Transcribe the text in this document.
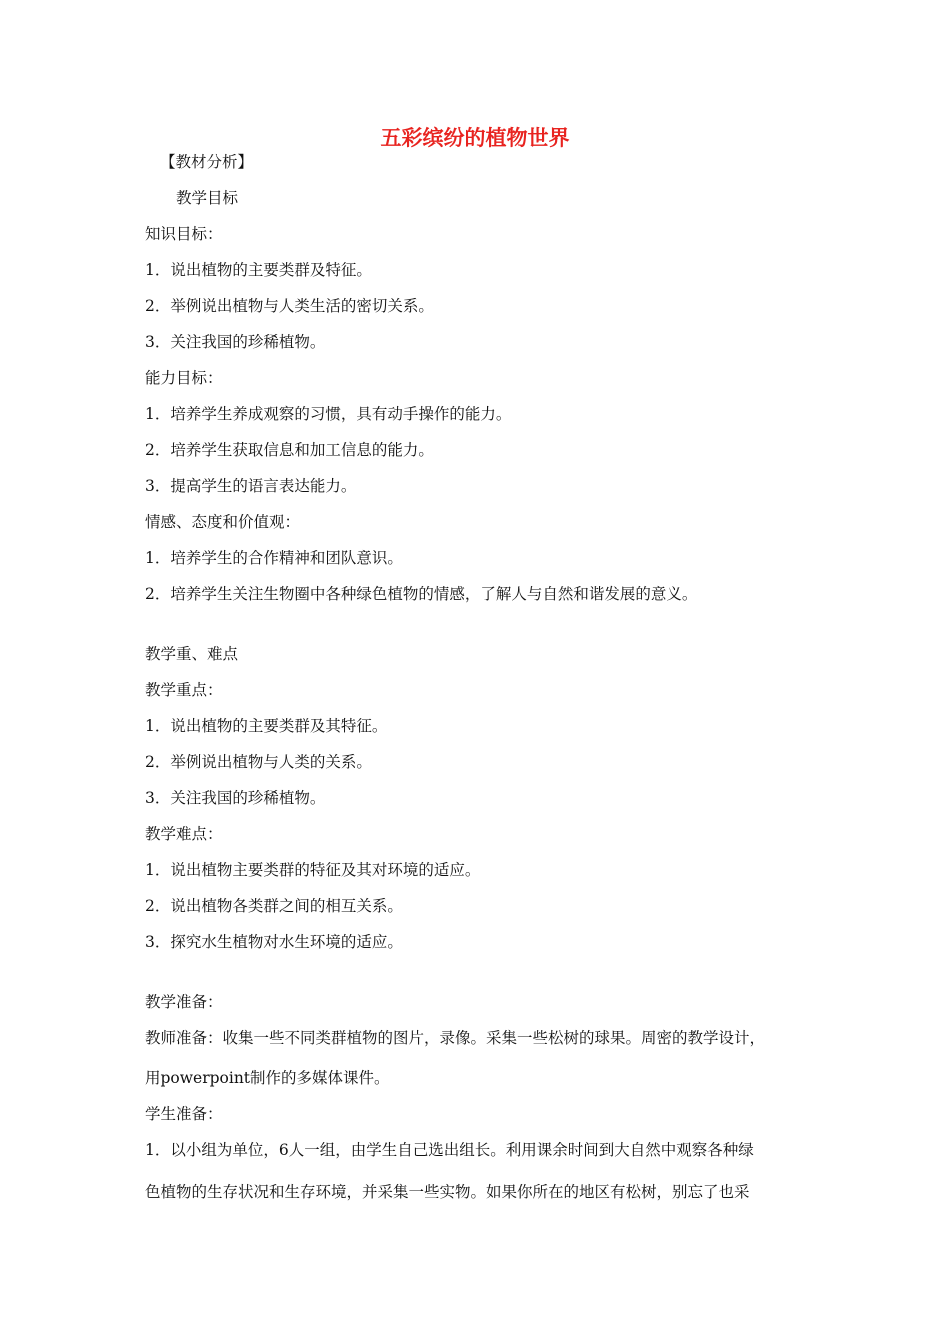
五彩缤纷的植物世界

【教材分析】

教学目标

知识目标：

1．说出植物的主要类群及特征。

2．举例说出植物与人类生活的密切关系。

3．关注我国的珍稀植物。

能力目标：

1．培养学生养成观察的习惯，具有动手操作的能力。

2．培养学生获取信息和加工信息的能力。

3．提高学生的语言表达能力。

情感、态度和价值观：

1．培养学生的合作精神和团队意识。

2．培养学生关注生物圈中各种绿色植物的情感，了解人与自然和谐发展的意义。

教学重、难点

教学重点：

1．说出植物的主要类群及其特征。

2．举例说出植物与人类的关系。

3．关注我国的珍稀植物。

教学难点：

1．说出植物主要类群的特征及其对环境的适应。

2．说出植物各类群之间的相互关系。

3．探究水生植物对水生环境的适应。

教学准备：

教师准备：收集一些不同类群植物的图片，录像。采集一些松树的球果。周密的教学设计，

用powerpoint制作的多媒体课件。

学生准备：

1．以小组为单位，6人一组，由学生自己选出组长。利用课余时间到大自然中观察各种绿

色植物的生存状况和生存环境，并采集一些实物。如果你所在的地区有松树，别忘了也采
